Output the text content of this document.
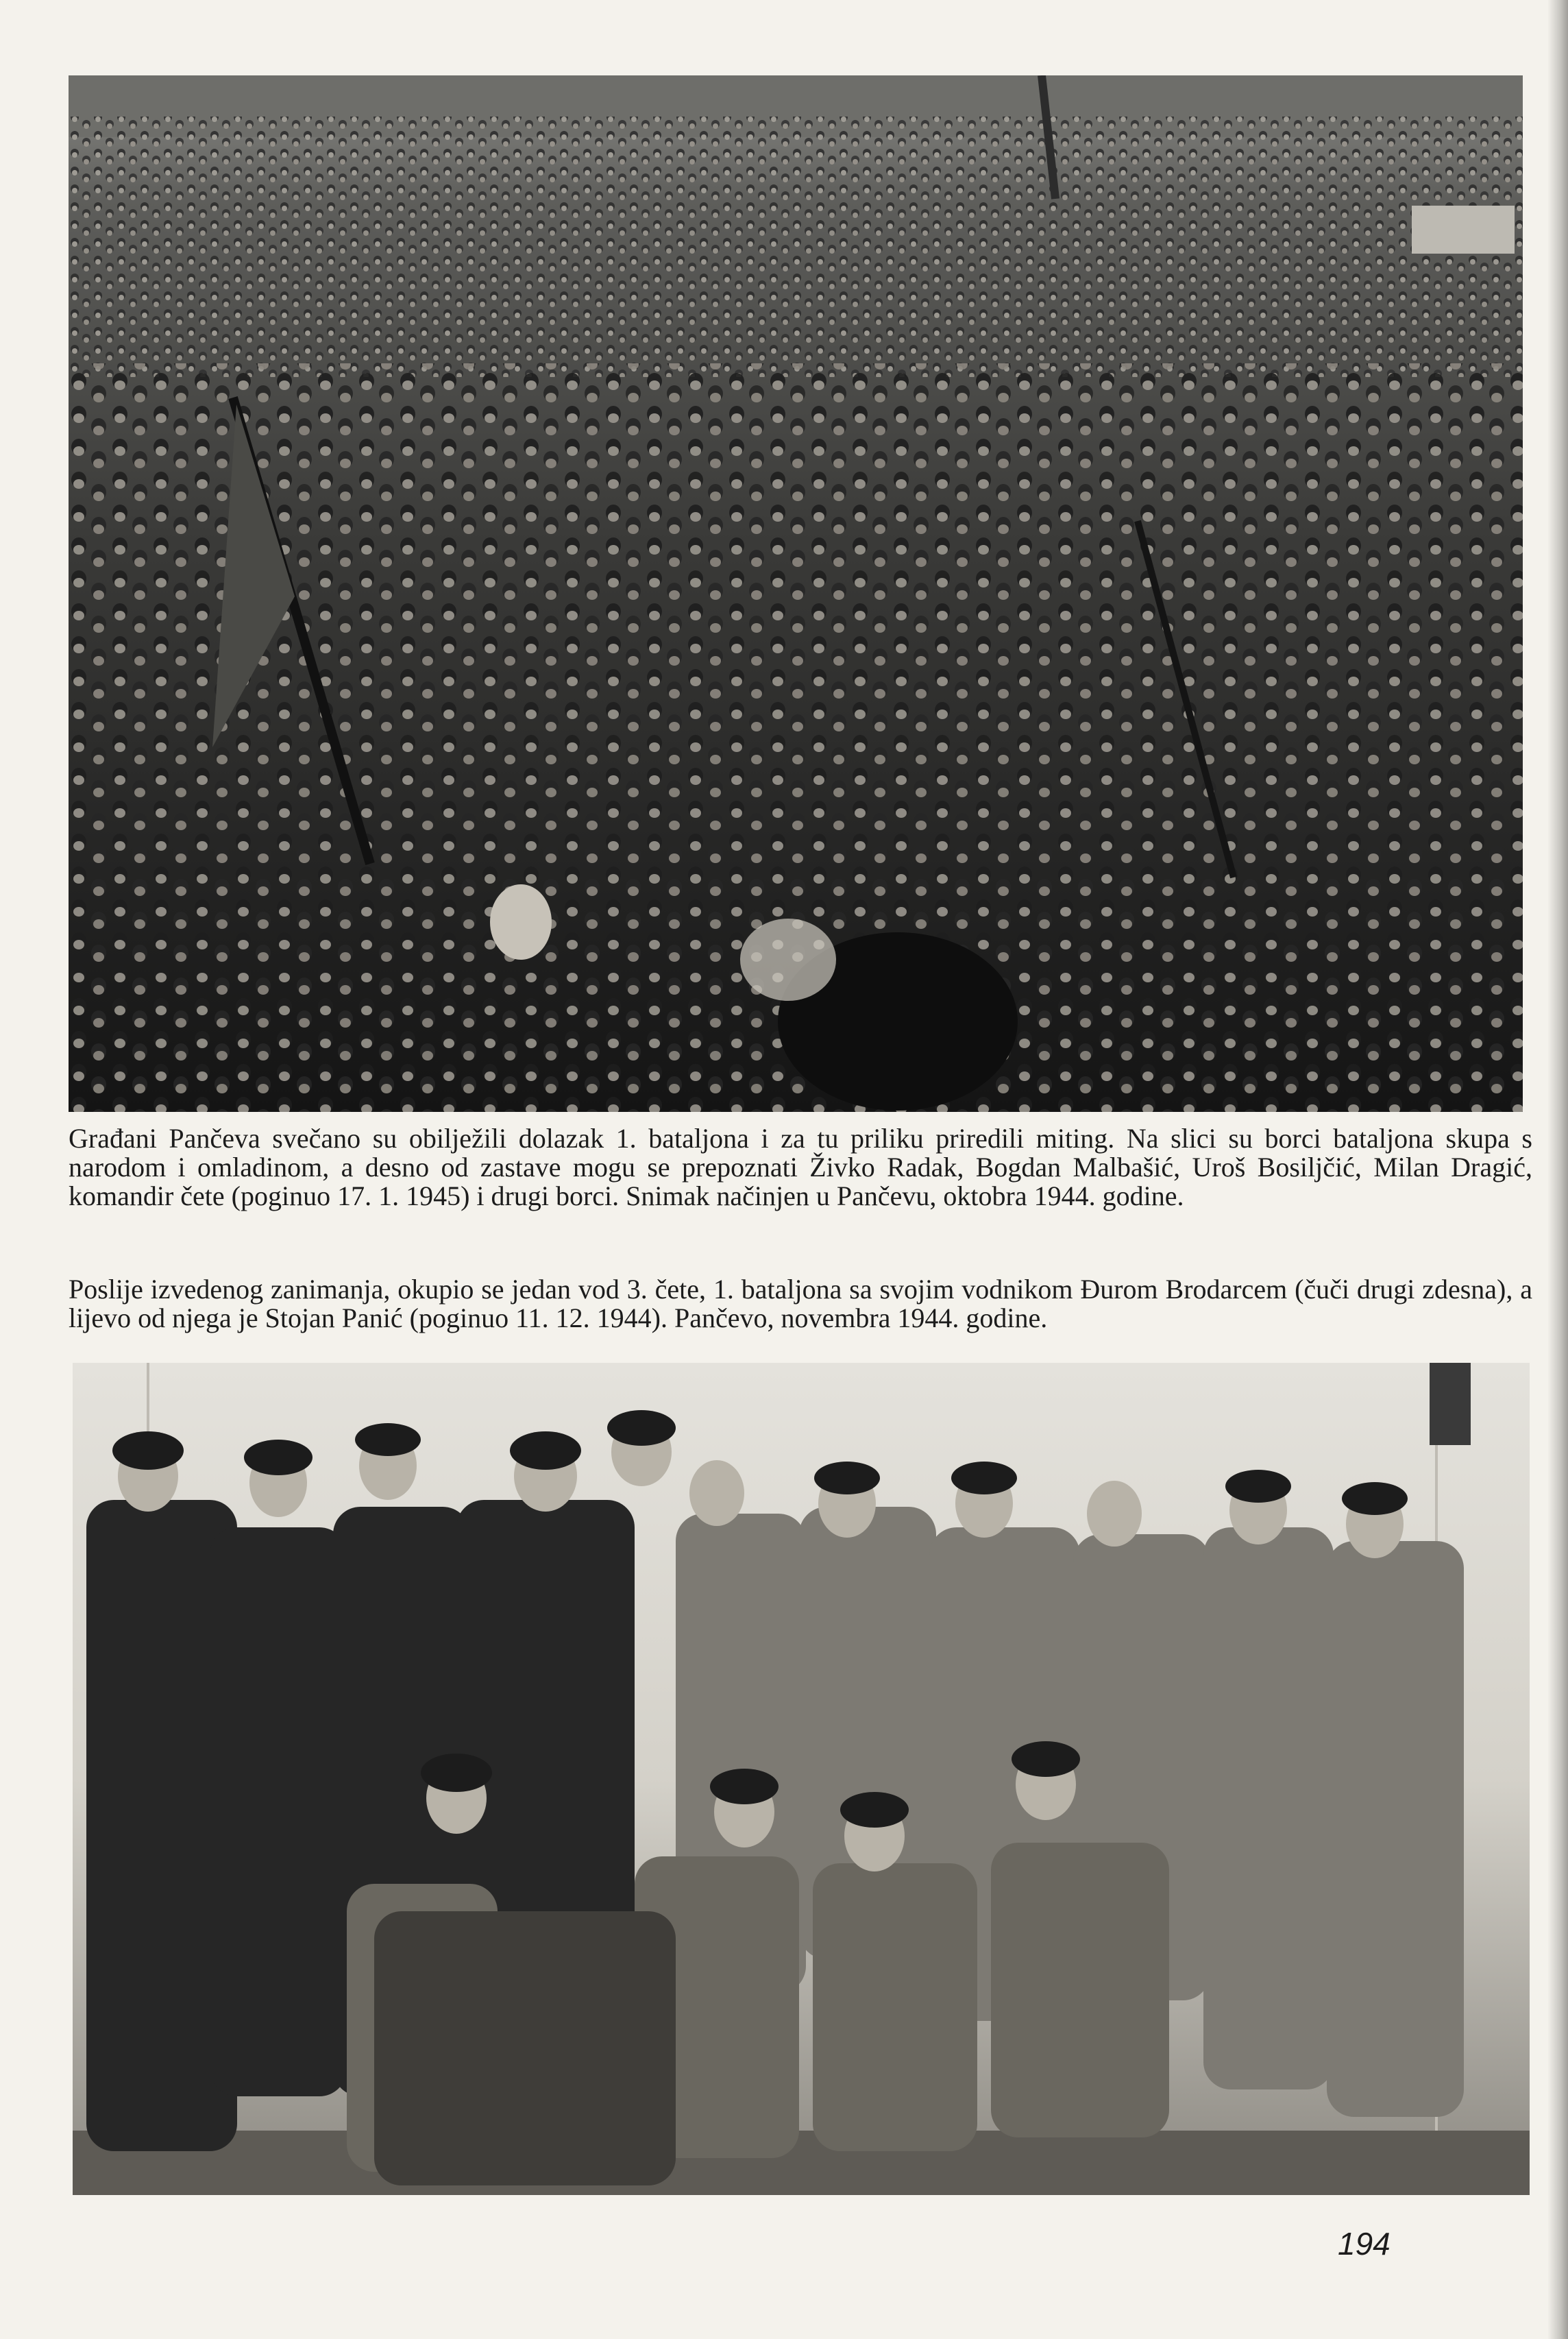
Građani Pančeva svečano su obilježili dolazak 1. bataljona i za tu priliku priredili miting. Na slici su borci bataljona skupa s narodom i omladinom, a desno od zastave mogu se prepoznati Živko Radak, Bogdan Malbašić, Uroš Bosiljčić, Milan Dragić, komandir čete (poginuo 17. 1. 1945) i drugi borci. Snimak načinjen u Pančevu, oktobra 1944. godine.

Poslije izvedenog zanimanja, okupio se jedan vod 3. čete, 1. bataljona sa svojim vodnikom Đurom Brodarcem (čuči drugi zdesna), a lijevo od njega je Stojan Panić (poginuo 11. 12. 1944). Pančevo, novembra 1944. godine.

194
